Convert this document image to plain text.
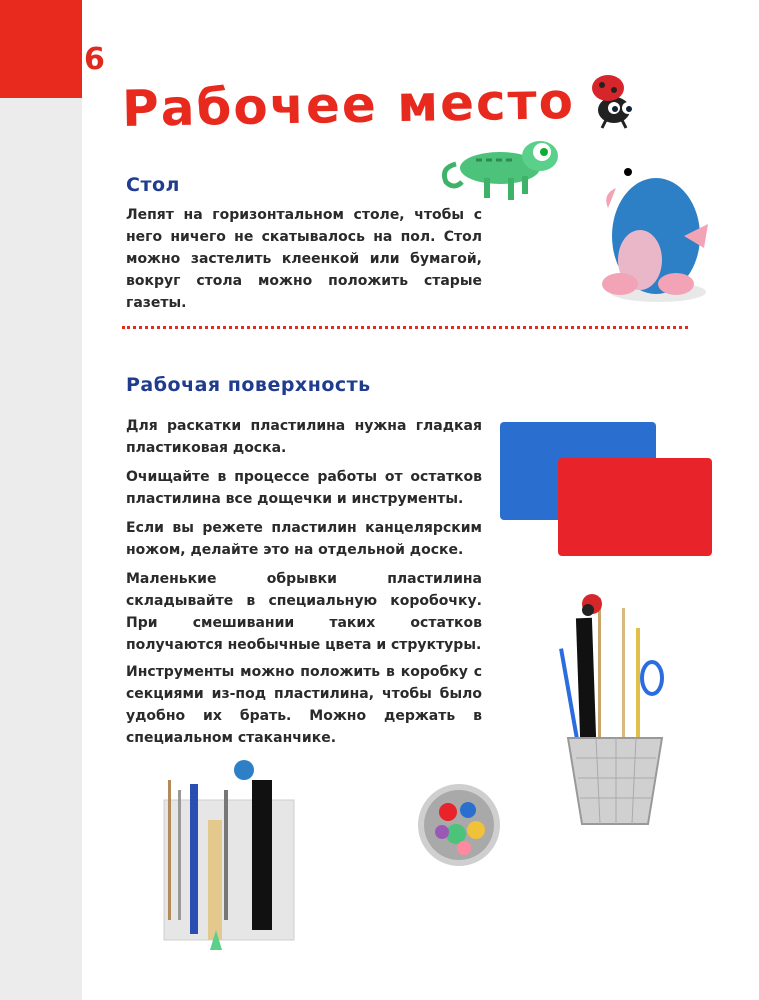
6
Рабочее место
Стол

Лепят на горизонтальном столе, чтобы с него ничего не скатывалось на пол. Стол можно застелить клеенкой или бумагой, вокруг стола можно положить старые газеты.

Рабочая поверхность

Для раскатки пластилина нужна гладкая пластиковая доска.

Очищайте в процессе работы от остатков пластилина все дощечки и инструменты.

Если вы режете пластилин канцелярским ножом, делайте это на отдельной доске.

Маленькие обрывки пластилина складывайте в специальную коробочку. При смешивании таких остатков получаются необычные цвета и структуры.

Инструменты можно положить в коробку с секциями из-под пластилина, чтобы было удобно их брать. Можно держать в специальном стаканчике.
